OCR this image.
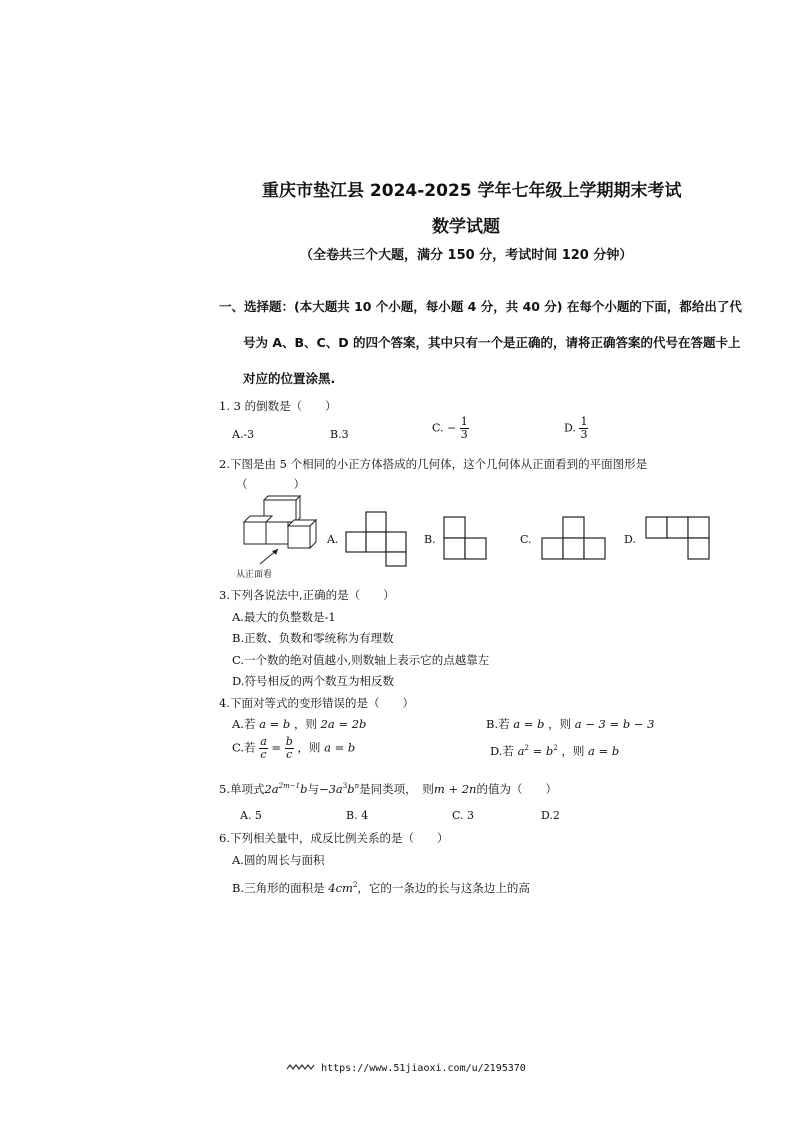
重庆市垫江县 2024-2025 学年七年级上学期期末考试
数学试题
（全卷共三个大题，满分 150 分，考试时间 120 分钟）
一、选择题：(本大题共 10 个小题，每小题 4 分，共 40 分) 在每个小题的下面，都给出了代
号为 A、B、C、D 的四个答案，其中只有一个是正确的，请将正确答案的代号在答题卡上
对应的位置涂黑.
1. 3 的倒数是（　　）
A.-3	B.3	C. − $\frac{1}{3}$	D. $\frac{1}{3}$
2.下图是由 5 个相同的小正方体搭成的几何体，这个几何体从正面看到的平面图形是
（　　　　）
从正面看
A.	B.	C.	D.
3.下列各说法中,正确的是（　　）
A.最大的负整数是-1
B.正数、负数和零统称为有理数
C.一个数的绝对值越小,则数轴上表示它的点越靠左
D.符号相反的两个数互为相反数
4.下面对等式的变形错误的是（　　）
A.若 a = b ，则 2a = 2b	B.若 a = b ，则 a − 3 = b − 3
C.若 $\frac{a}{c} = \frac{b}{c}$ ，则 a = b	D.若 $a^2 = b^2$ ，则 a = b
5.单项式$2a^{2m-1}b$与$-3a^3b^n$是同类项，　则m + 2n的值为（　　）
A. 5	B. 4	C. 3	D.2
6.下列相关量中，成反比例关系的是（　　）
A.圆的周长与面积
B.三角形的面积是 $4cm^2$，它的一条边的长与这条边上的高
https://www.51jiaoxi.com/u/2195370
